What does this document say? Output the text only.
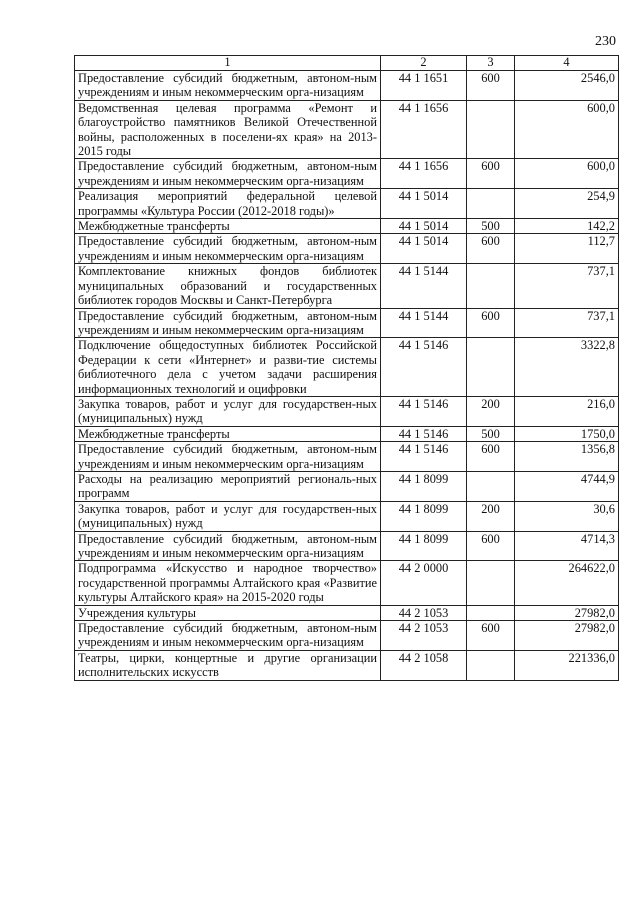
230
1	2	3	4
Предоставление субсидий бюджетным, автоном-ным учреждениям и иным некоммерческим орга-низациям	44 1 1651	600	2546,0
Ведомственная целевая программа «Ремонт и благоустройство памятников Великой Отечественной войны, расположенных в поселени-ях края» на 2013-2015 годы	44 1 1656		600,0
Предоставление субсидий бюджетным, автоном-ным учреждениям и иным некоммерческим орга-низациям	44 1 1656	600	600,0
Реализация мероприятий федеральной целевой программы «Культура России (2012-2018 годы)»	44 1 5014		254,9
Межбюджетные трансферты	44 1 5014	500	142,2
Предоставление субсидий бюджетным, автоном-ным учреждениям и иным некоммерческим орга-низациям	44 1 5014	600	112,7
Комплектование книжных фондов библиотек муниципальных образований и государственных библиотек городов Москвы и Санкт-Петербурга	44 1 5144		737,1
Предоставление субсидий бюджетным, автоном-ным учреждениям и иным некоммерческим орга-низациям	44 1 5144	600	737,1
Подключение общедоступных библиотек Российской Федерации к сети «Интернет» и разви-тие системы библиотечного дела с учетом задачи расширения информационных технологий и оцифровки	44 1 5146		3322,8
Закупка товаров, работ и услуг для государствен-ных (муниципальных) нужд	44 1 5146	200	216,0
Межбюджетные трансферты	44 1 5146	500	1750,0
Предоставление субсидий бюджетным, автоном-ным учреждениям и иным некоммерческим орга-низациям	44 1 5146	600	1356,8
Расходы на реализацию мероприятий региональ-ных программ	44 1 8099		4744,9
Закупка товаров, работ и услуг для государствен-ных (муниципальных) нужд	44 1 8099	200	30,6
Предоставление субсидий бюджетным, автоном-ным учреждениям и иным некоммерческим орга-низациям	44 1 8099	600	4714,3
Подпрограмма «Искусство и народное творчество» государственной программы Алтайского края «Развитие культуры Алтайского края» на 2015-2020 годы	44 2 0000		264622,0
Учреждения культуры	44 2 1053		27982,0
Предоставление субсидий бюджетным, автоном-ным учреждениям и иным некоммерческим орга-низациям	44 2 1053	600	27982,0
Театры, цирки, концертные и другие организации исполнительских искусств	44 2 1058		221336,0
